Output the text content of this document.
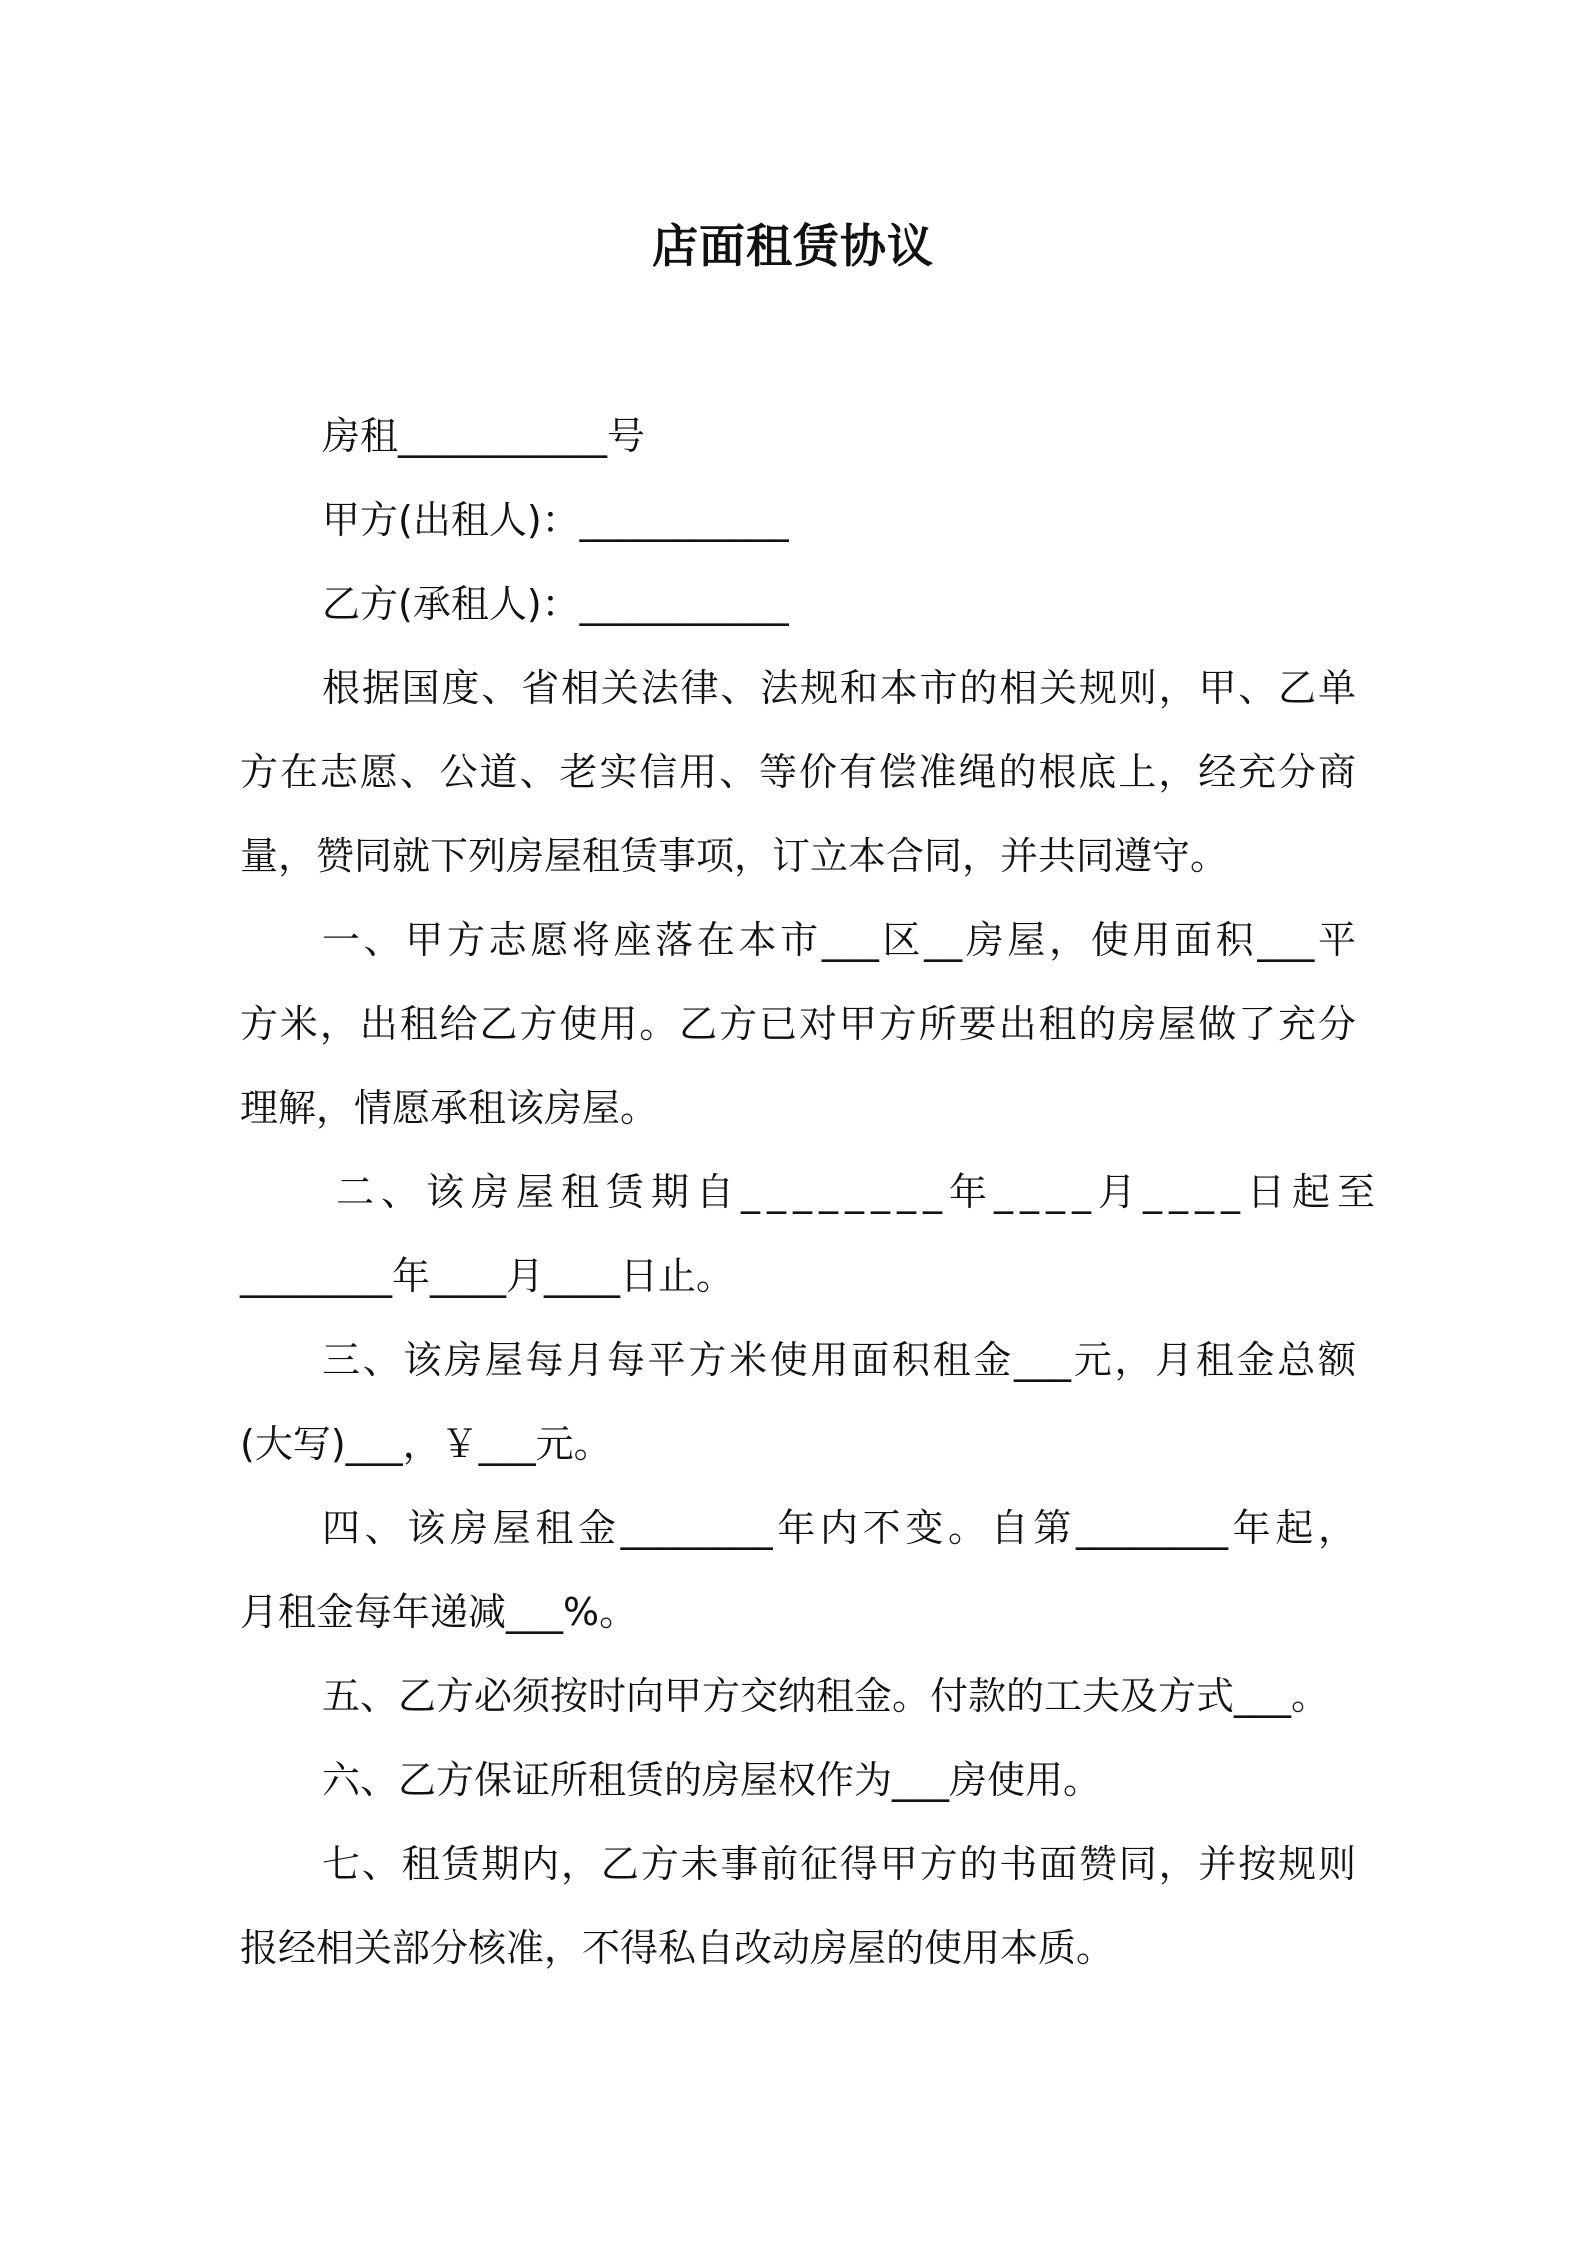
店面租赁协议
房租___________号
甲方(出租人)：___________
乙方(承租人)：___________
根据国度、省相关法律、法规和本市的相关规则，甲、乙单
方在志愿、公道、老实信用、等价有偿准绳的根底上，经充分商
量，赞同就下列房屋租赁事项，订立本合同，并共同遵守。
一、甲方志愿将座落在本市___区__房屋，使用面积___平
方米，出租给乙方使用。乙方已对甲方所要出租的房屋做了充分
理解，情愿承租该房屋。
二、该房屋租赁期自________年____月____日起至
________年____月____日止。
三、该房屋每月每平方米使用面积租金___元，月租金总额
(大写)___，￥___元。
四、该房屋租金________年内不变。自第________年起，
月租金每年递减___%。
五、乙方必须按时向甲方交纳租金。付款的工夫及方式___。
六、乙方保证所租赁的房屋权作为___房使用。
七、租赁期内，乙方未事前征得甲方的书面赞同，并按规则
报经相关部分核准，不得私自改动房屋的使用本质。
